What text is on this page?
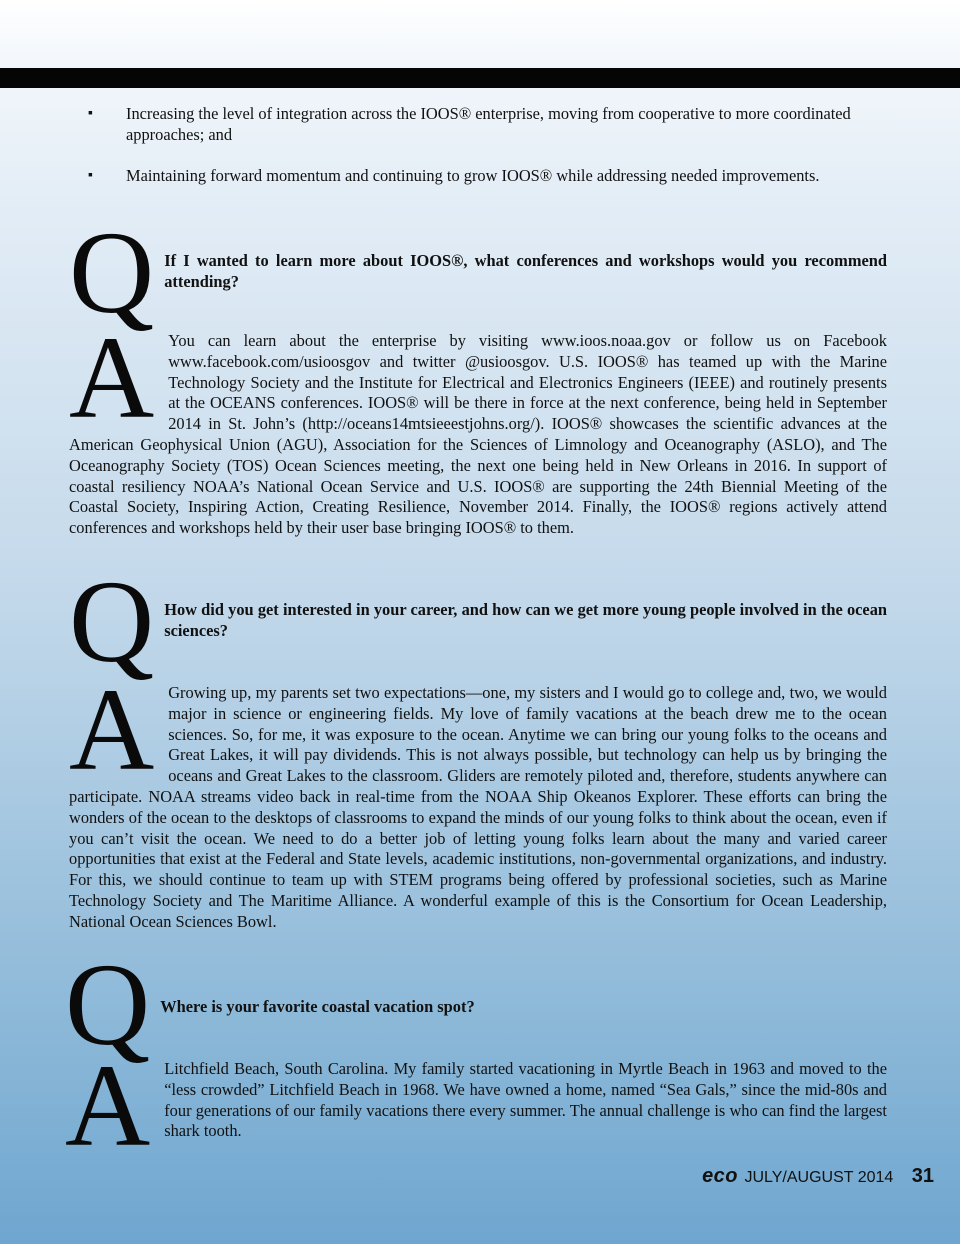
▪ Increasing the level of integration across the IOOS® enterprise, moving from cooperative to more coordinated approaches; and
▪ Maintaining forward momentum and continuing to grow IOOS® while addressing needed improvements.
Q If I wanted to learn more about IOOS®, what conferences and workshops would you recommend attending?
A You can learn about the enterprise by visiting www.ioos.noaa.gov or follow us on Facebook www.facebook.com/usioosgov and twitter @usioosgov. U.S. IOOS® has teamed up with the Marine Technology Society and the Institute for Electrical and Electronics Engineers (IEEE) and routinely presents at the OCEANS conferences. IOOS® will be there in force at the next conference, being held in September 2014 in St. John’s (http://oceans14mtsieeestjohns.org/). IOOS® showcases the scientific advances at the American Geophysical Union (AGU), Association for the Sciences of Limnology and Oceanography (ASLO), and The Oceanography Society (TOS) Ocean Sciences meeting, the next one being held in New Orleans in 2016. In support of coastal resiliency NOAA’s National Ocean Service and U.S. IOOS® are supporting the 24th Biennial Meeting of the Coastal Society, Inspiring Action, Creating Resilience, November 2014. Finally, the IOOS® regions actively attend conferences and workshops held by their user base bringing IOOS® to them.
Q How did you get interested in your career, and how can we get more young people involved in the ocean sciences?
A Growing up, my parents set two expectations—one, my sisters and I would go to college and, two, we would major in science or engineering fields. My love of family vacations at the beach drew me to the ocean sciences. So, for me, it was exposure to the ocean. Anytime we can bring our young folks to the oceans and Great Lakes, it will pay dividends. This is not always possible, but technology can help us by bringing the oceans and Great Lakes to the classroom. Gliders are remotely piloted and, therefore, students anywhere can participate. NOAA streams video back in real-time from the NOAA Ship Okeanos Explorer. These efforts can bring the wonders of the ocean to the desktops of classrooms to expand the minds of our young folks to think about the ocean, even if you can’t visit the ocean. We need to do a better job of letting young folks learn about the many and varied career opportunities that exist at the Federal and State levels, academic institutions, non-governmental organizations, and industry. For this, we should continue to team up with STEM programs being offered by professional societies, such as Marine Technology Society and The Maritime Alliance. A wonderful example of this is the Consortium for Ocean Leadership, National Ocean Sciences Bowl.
Q Where is your favorite coastal vacation spot?
A Litchfield Beach, South Carolina. My family started vacationing in Myrtle Beach in 1963 and moved to the “less crowded” Litchfield Beach in 1968. We have owned a home, named “Sea Gals,” since the mid-80s and four generations of our family vacations there every summer. The annual challenge is who can find the largest shark tooth.
eco JULY/AUGUST 2014 31
